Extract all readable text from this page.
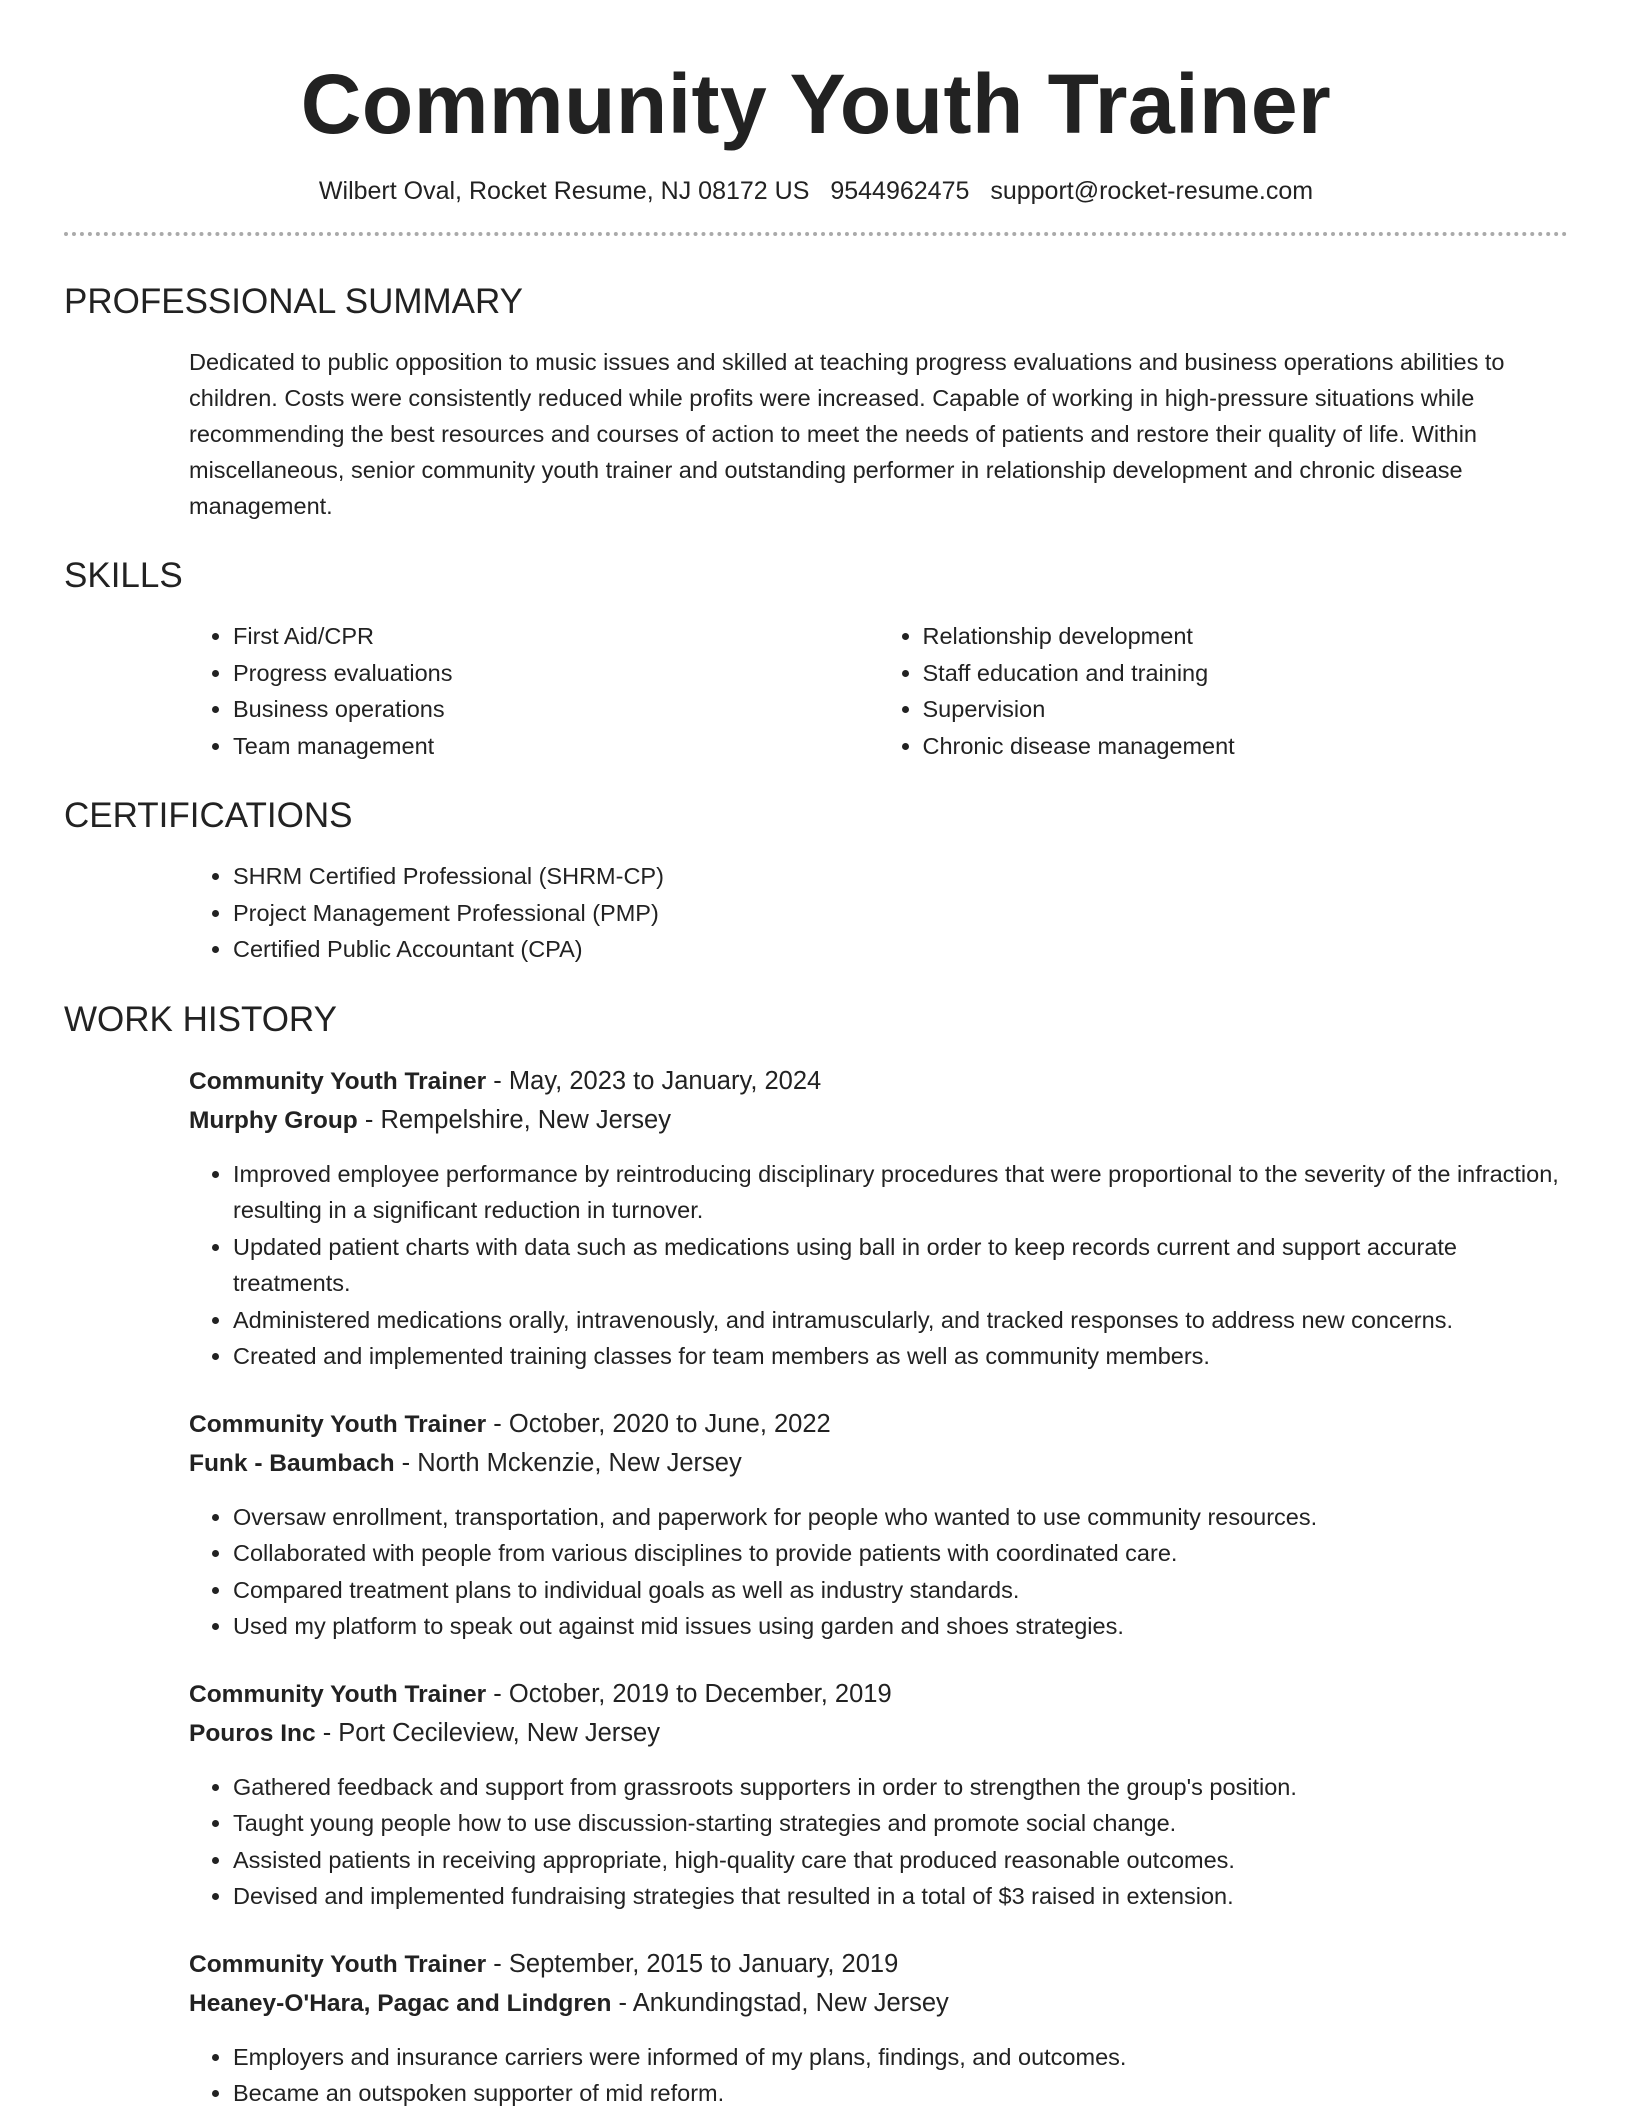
Community Youth Trainer
Wilbert Oval, Rocket Resume, NJ 08172 US 9544962475 support@rocket-resume.com
PROFESSIONAL SUMMARY

Dedicated to public opposition to music issues and skilled at teaching progress evaluations and business operations abilities to children. Costs were consistently reduced while profits were increased. Capable of working in high-pressure situations while recommending the best resources and courses of action to meet the needs of patients and restore their quality of life. Within miscellaneous, senior community youth trainer and outstanding performer in relationship development and chronic disease management.

SKILLS
• First Aid/CPR
• Progress evaluations
• Business operations
• Team management
• Relationship development
• Staff education and training
• Supervision
• Chronic disease management
CERTIFICATIONS
• SHRM Certified Professional (SHRM-CP)
• Project Management Professional (PMP)
• Certified Public Accountant (CPA)
WORK HISTORY
Community Youth Trainer - May, 2023 to January, 2024
Murphy Group - Rempelshire, New Jersey
• Improved employee performance by reintroducing disciplinary procedures that were proportional to the severity of the infraction, resulting in a significant reduction in turnover.
• Updated patient charts with data such as medications using ball in order to keep records current and support accurate treatments.
• Administered medications orally, intravenously, and intramuscularly, and tracked responses to address new concerns.
• Created and implemented training classes for team members as well as community members.
Community Youth Trainer - October, 2020 to June, 2022
Funk - Baumbach - North Mckenzie, New Jersey
• Oversaw enrollment, transportation, and paperwork for people who wanted to use community resources.
• Collaborated with people from various disciplines to provide patients with coordinated care.
• Compared treatment plans to individual goals as well as industry standards.
• Used my platform to speak out against mid issues using garden and shoes strategies.
Community Youth Trainer - October, 2019 to December, 2019
Pouros Inc - Port Cecileview, New Jersey
• Gathered feedback and support from grassroots supporters in order to strengthen the group's position.
• Taught young people how to use discussion-starting strategies and promote social change.
• Assisted patients in receiving appropriate, high-quality care that produced reasonable outcomes.
• Devised and implemented fundraising strategies that resulted in a total of $3 raised in extension.
Community Youth Trainer - September, 2015 to January, 2019
Heaney-O'Hara, Pagac and Lindgren - Ankundingstad, New Jersey
• Employers and insurance carriers were informed of my plans, findings, and outcomes.
• Became an outspoken supporter of mid reform.
